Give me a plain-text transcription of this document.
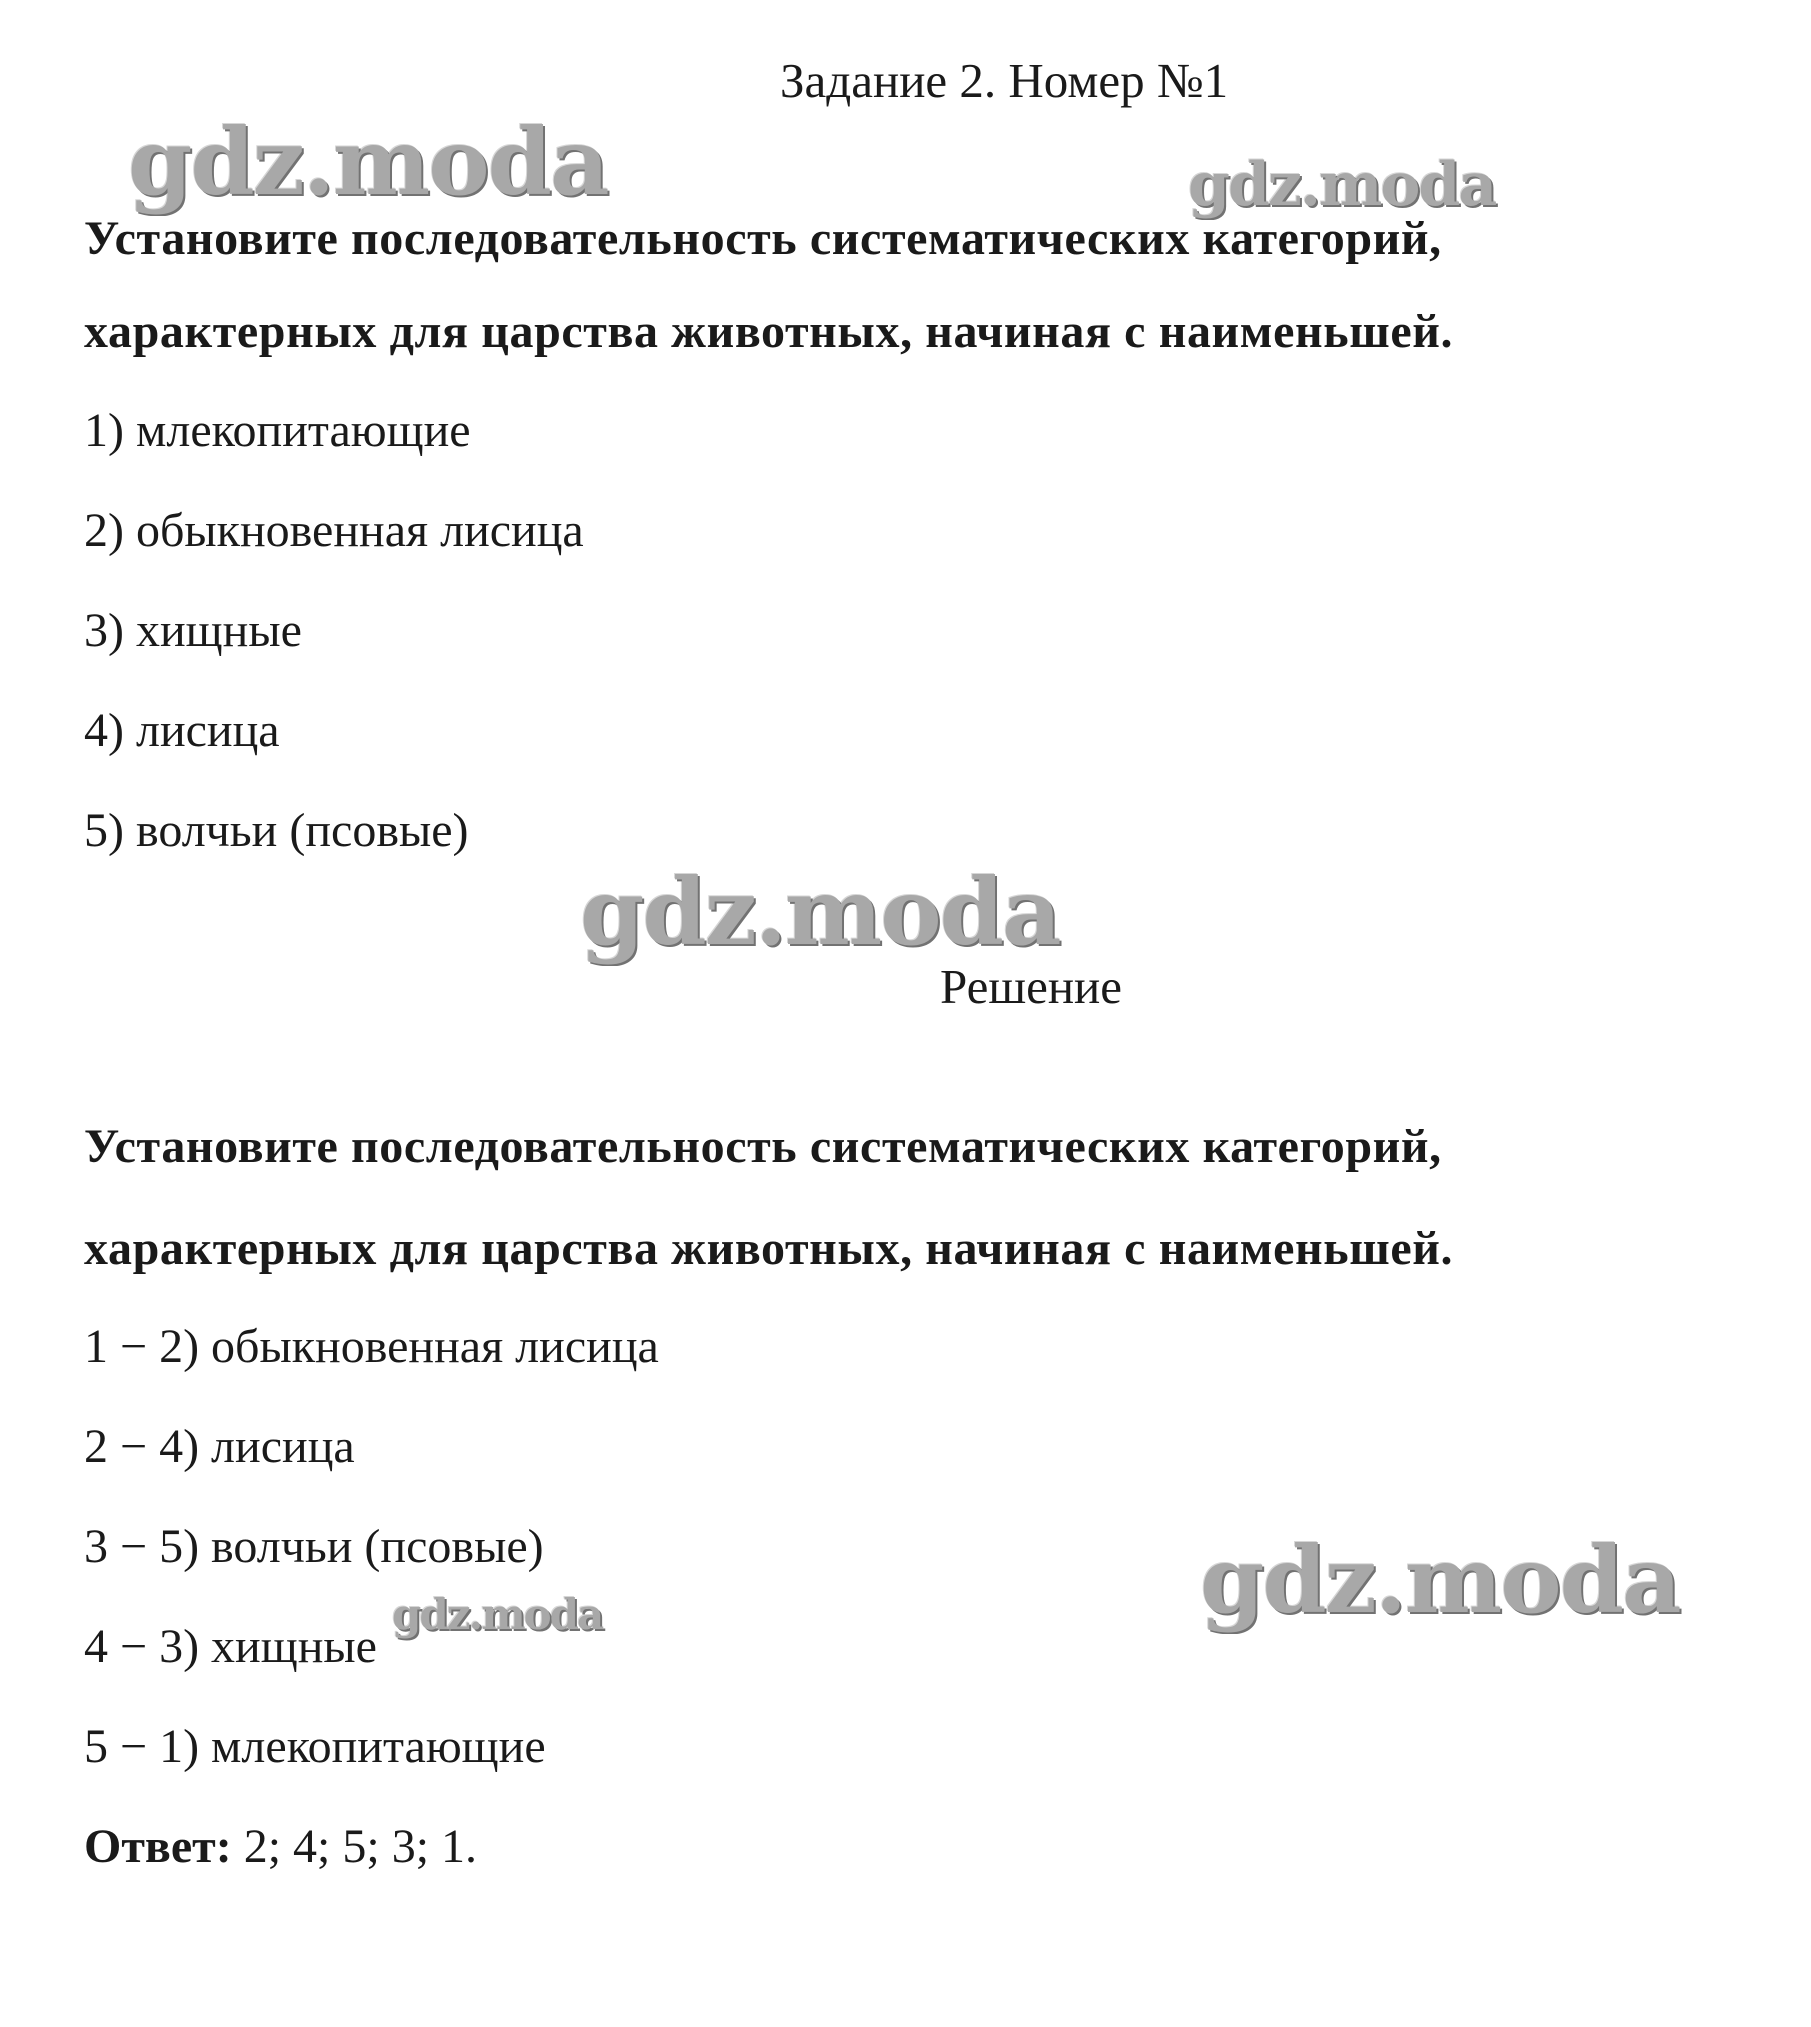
gdz.moda	gdz.moda
gdz.moda
gdz.moda
gdz.moda
Задание 2. Номер №1
Установите последовательность систематических категорий,
характерных для царства животных, начиная с наименьшей.
1) млекопитающие
2) обыкновенная лисица
3) хищные
4) лисица
5) волчьи (псовые)
Решение
Установите последовательность систематических категорий,
характерных для царства животных, начиная с наименьшей.
1 − 2) обыкновенная лисица
2 − 4) лисица
3 − 5) волчьи (псовые)
4 − 3) хищные
5 − 1) млекопитающие
Ответ: 2; 4; 5; 3; 1.
